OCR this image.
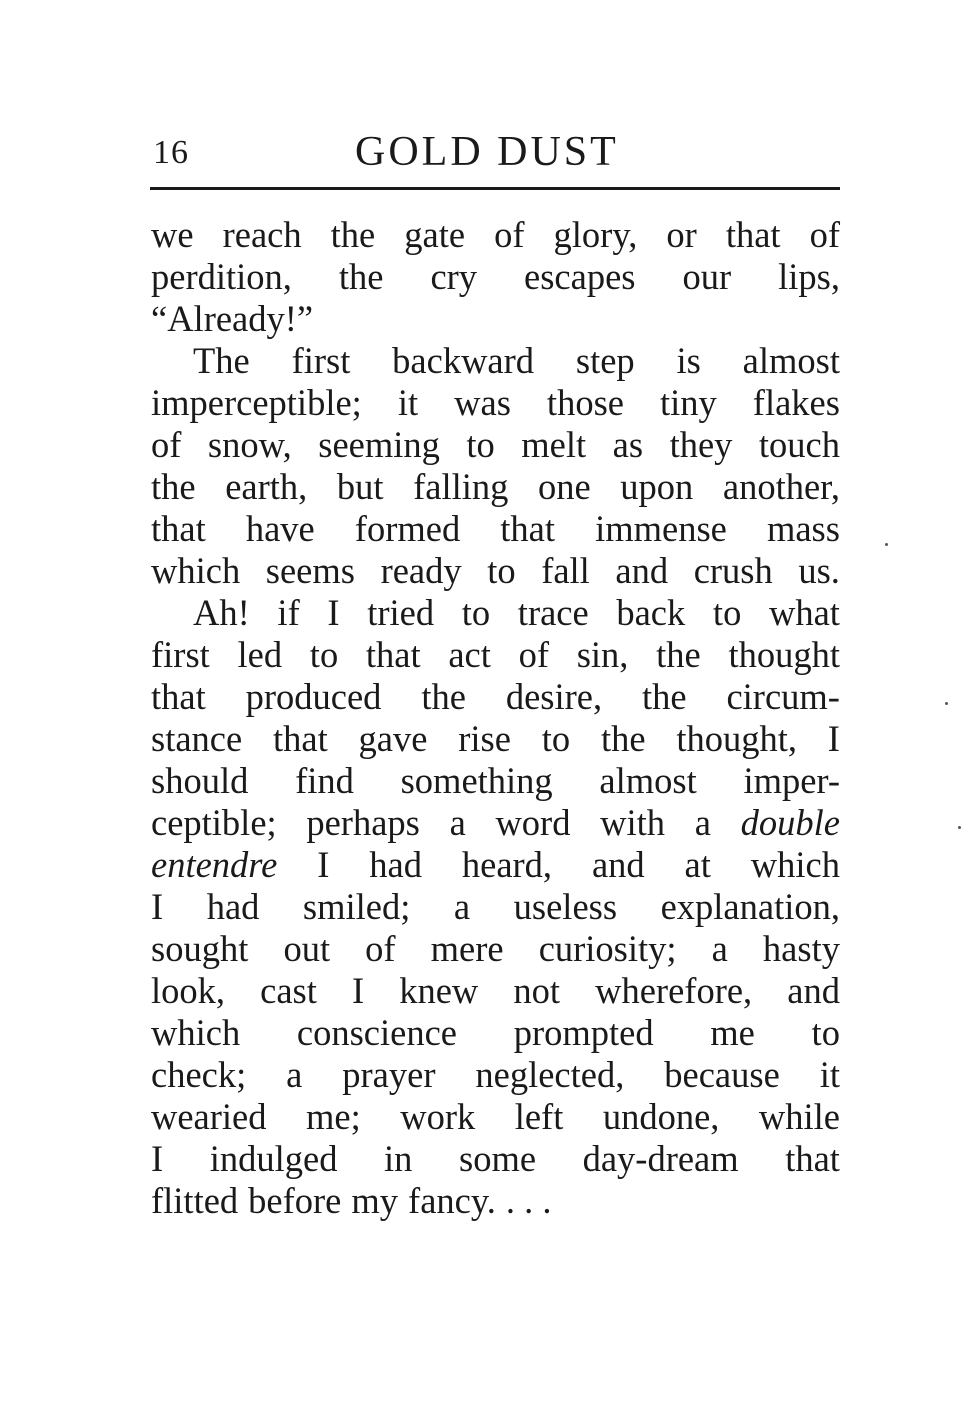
16	GOLD DUST
we reach the gate of glory, or that of
perdition, the cry escapes our lips,
“Already!”
The first backward step is almost
imperceptible; it was those tiny flakes
of snow, seeming to melt as they touch
the earth, but falling one upon another,
that have formed that immense mass
which seems ready to fall and crush us.
Ah! if I tried to trace back to what
first led to that act of sin, the thought
that produced the desire, the circum-
stance that gave rise to the thought, I
should find something almost imper-
ceptible; perhaps a word with a double
entendre I had heard, and at which
I had smiled; a useless explanation,
sought out of mere curiosity; a hasty
look, cast I knew not wherefore, and
which conscience prompted me to
check; a prayer neglected, because it
wearied me; work left undone, while
I indulged in some day-dream that
flitted before my fancy. . . .
